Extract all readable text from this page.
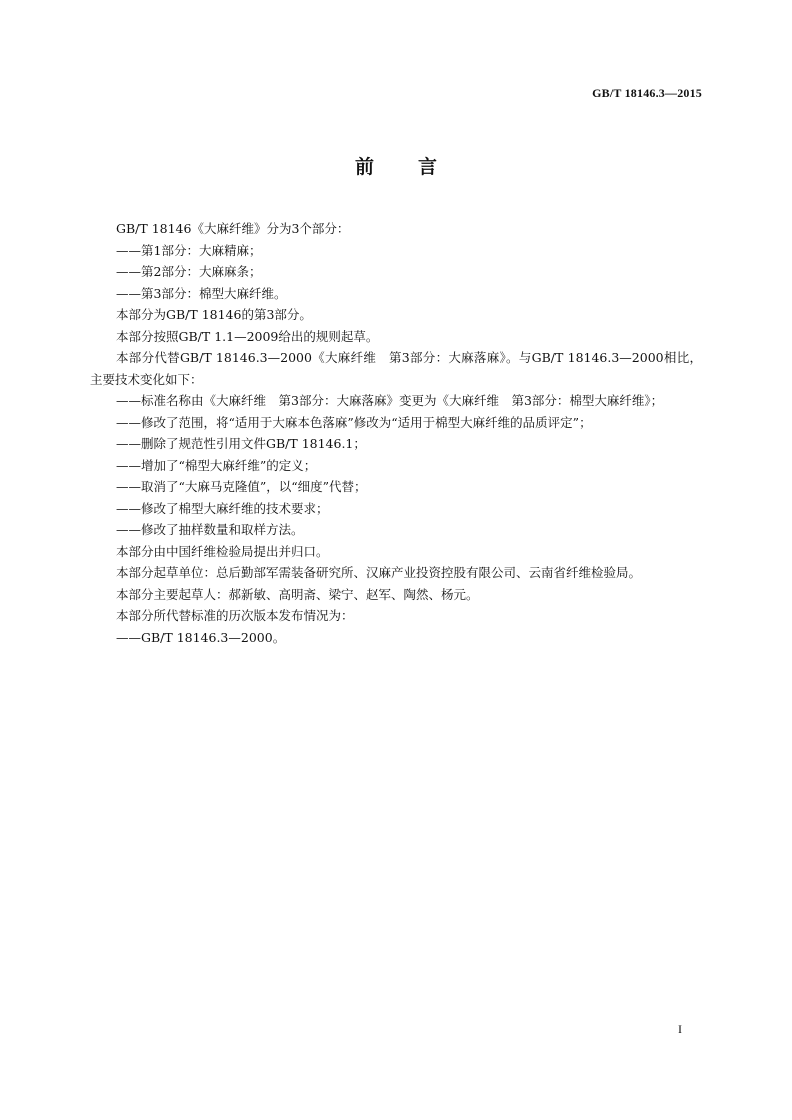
GB/T 18146.3—2015
前言

GB/T 18146《大麻纤维》分为3个部分：

——第1部分：大麻精麻；

——第2部分：大麻麻条；

——第3部分：棉型大麻纤维。

本部分为GB/T 18146的第3部分。

本部分按照GB/T 1.1—2009给出的规则起草。

本部分代替GB/T 18146.3—2000《大麻纤维　第3部分：大麻落麻》。与GB/T 18146.3—2000相比，主要技术变化如下：

——标准名称由《大麻纤维　第3部分：大麻落麻》变更为《大麻纤维　第3部分：棉型大麻纤维》；

——修改了范围，将“适用于大麻本色落麻”修改为“适用于棉型大麻纤维的品质评定”；

——删除了规范性引用文件GB/T 18146.1；

——增加了“棉型大麻纤维”的定义；

——取消了“大麻马克隆值”，以“细度”代替；

——修改了棉型大麻纤维的技术要求；

——修改了抽样数量和取样方法。

本部分由中国纤维检验局提出并归口。

本部分起草单位：总后勤部军需装备研究所、汉麻产业投资控股有限公司、云南省纤维检验局。

本部分主要起草人：郝新敏、高明斋、梁宁、赵军、陶然、杨元。

本部分所代替标准的历次版本发布情况为：

——GB/T 18146.3—2000。

I
